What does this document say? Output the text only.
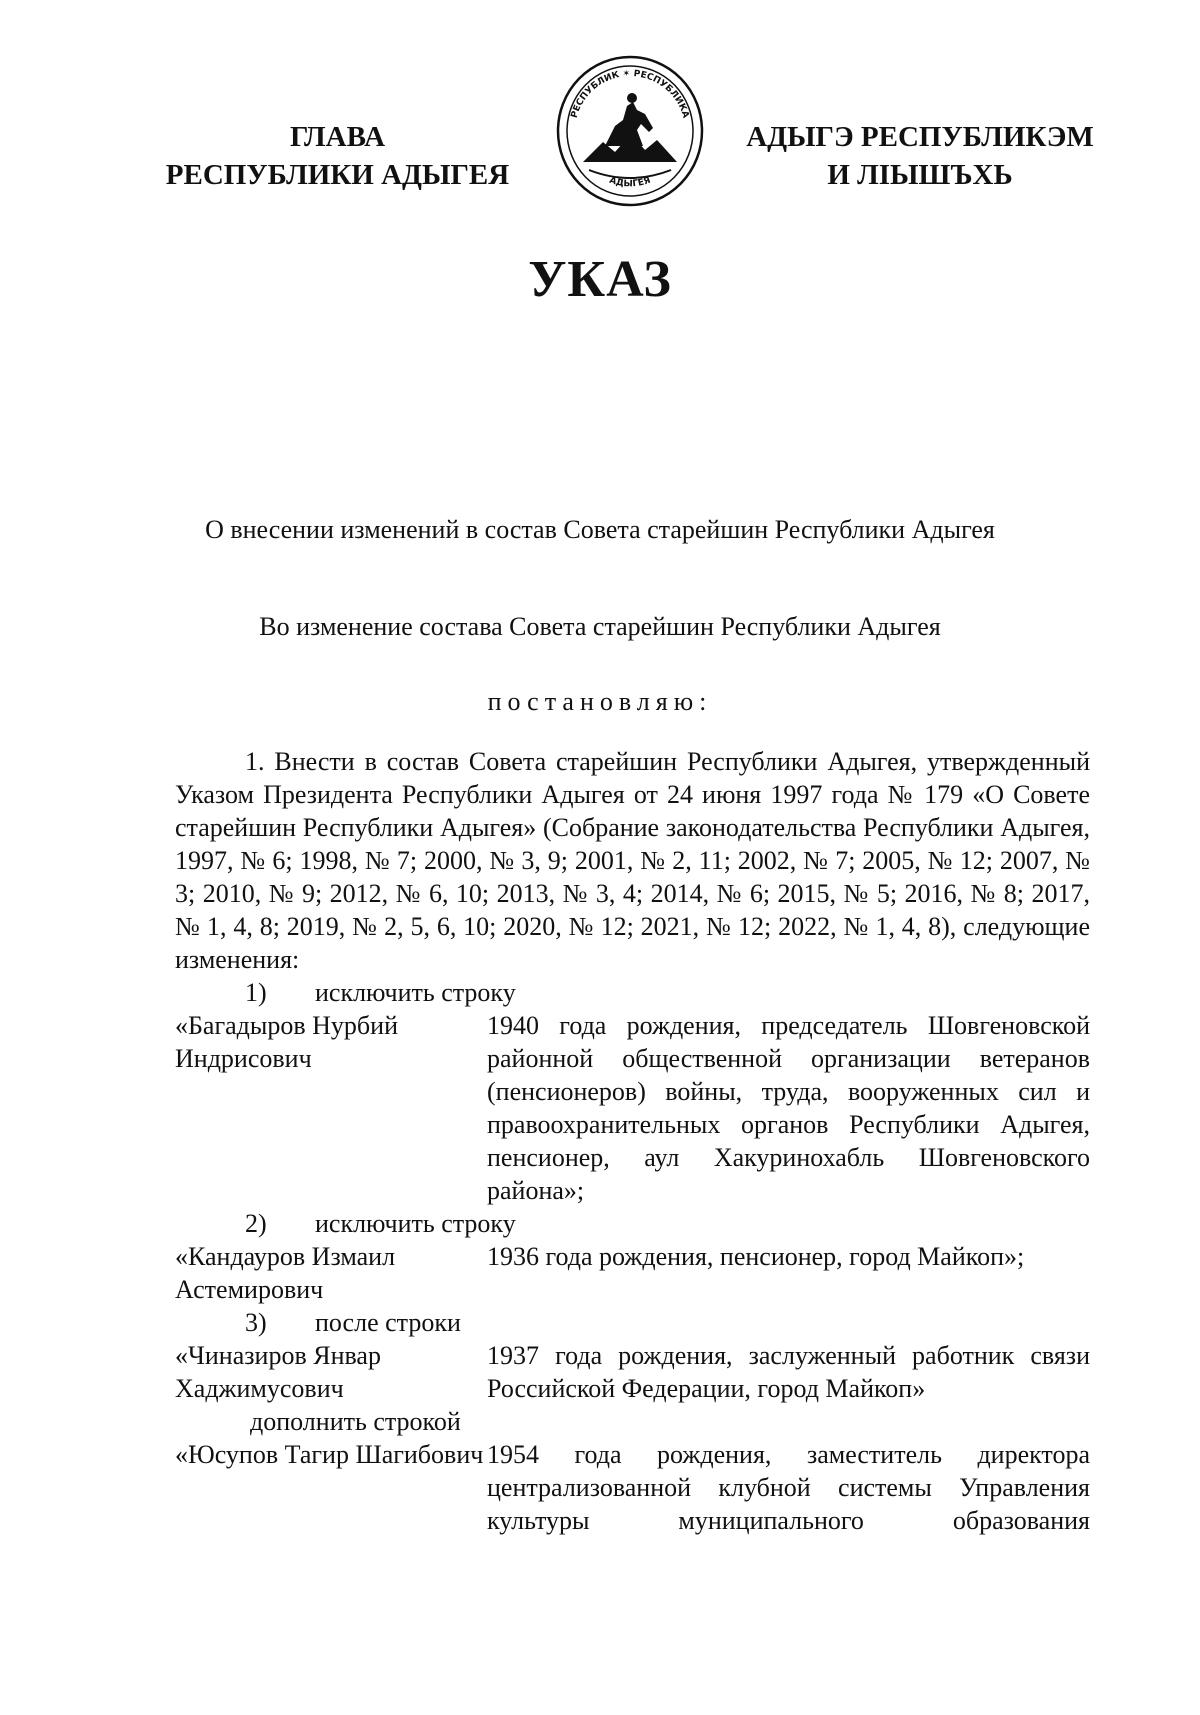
ГЛАВА
РЕСПУБЛИКИ АДЫГЕЯ
РЕСПУБЛИК ✶ РЕСПУБЛИКА
АДЫГЕЯ
АДЫГЭ РЕСПУБЛИКЭМ
И ЛІЫШЪХЬ
УКАЗ
О внесении изменений в состав Совета старейшин Республики Адыгея
Во изменение состава Совета старейшин Республики Адыгея
постановляю:

1. Внести в состав Совета старейшин Республики Адыгея, утвержденный Указом Президента Республики Адыгея от 24 июня 1997 года № 179 «О Совете старейшин Республики Адыгея» (Собрание законодательства Республики Адыгея, 1997, № 6; 1998, № 7; 2000, № 3, 9; 2001, № 2, 11; 2002, № 7; 2005, № 12; 2007, № 3; 2010, № 9; 2012, № 6, 10; 2013, № 3, 4; 2014, № 6; 2015, № 5; 2016, № 8; 2017, № 1, 4, 8; 2019, № 2, 5, 6, 10; 2020, № 12; 2021, № 12; 2022, № 1, 4, 8), следующие изменения:

1) исключить строку

«Багадыров Нурбий Индрисович
1940 года рождения, председатель Шовгеновской районной общественной организации ветеранов (пенсионеров) войны, труда, вооруженных сил и правоохранительных органов Республики Адыгея, пенсионер, аул Хакуринохабль Шовгеновского района»;

2) исключить строку

«Кандауров Измаил Астемирович
1936 года рождения, пенсионер, город Майкоп»;

3) после строки

«Чиназиров Январ Хаджимусович
1937 года рождения, заслуженный работник связи Российской Федерации, город Майкоп»

дополнить строкой

«Юсупов Тагир Шагибович 1954 года рождения, заместитель директора централизованной клубной системы Управления культуры муниципального образования
